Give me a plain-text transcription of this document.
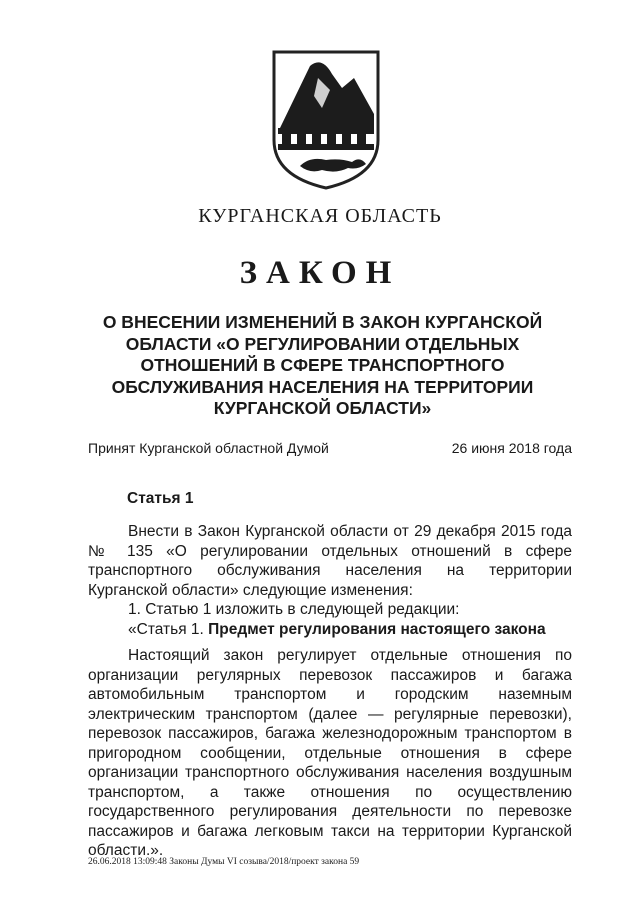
КУРГАНСКАЯ ОБЛАСТЬ
ЗАКОН
О ВНЕСЕНИИ ИЗМЕНЕНИЙ В ЗАКОН КУРГАНСКОЙ ОБЛАСТИ «О РЕГУЛИРОВАНИИ ОТДЕЛЬНЫХ ОТНОШЕНИЙ В СФЕРЕ ТРАНСПОРТНОГО ОБСЛУЖИВАНИЯ НАСЕЛЕНИЯ НА ТЕРРИТОРИИ КУРГАНСКОЙ ОБЛАСТИ»
Принят Курганской областной Думой	26 июня 2018 года
Статья 1

Внести в Закон Курганской области от 29 декабря 2015 года № 135 «О регулировании отдельных отношений в сфере транспортного обслуживания населения на территории Курганской области» следующие изменения:

1. Статью 1 изложить в следующей редакции:

«Статья 1. Предмет регулирования настоящего закона

Настоящий закон регулирует отдельные отношения по организации регулярных перевозок пассажиров и багажа автомобильным транспортом и городским наземным электрическим транспортом (далее — регулярные перевозки), перевозок пассажиров, багажа железнодорожным транспортом в пригородном сообщении, отдельные отношения в сфере организации транспортного обслуживания населения воздушным транспортом, а также отношения по осуществлению государственного регулирования деятельности по перевозке пассажиров и багажа легковым такси на территории Курганской области.».

26.06.2018 13:09:48 Законы Думы VI созыва/2018/проект закона 59
